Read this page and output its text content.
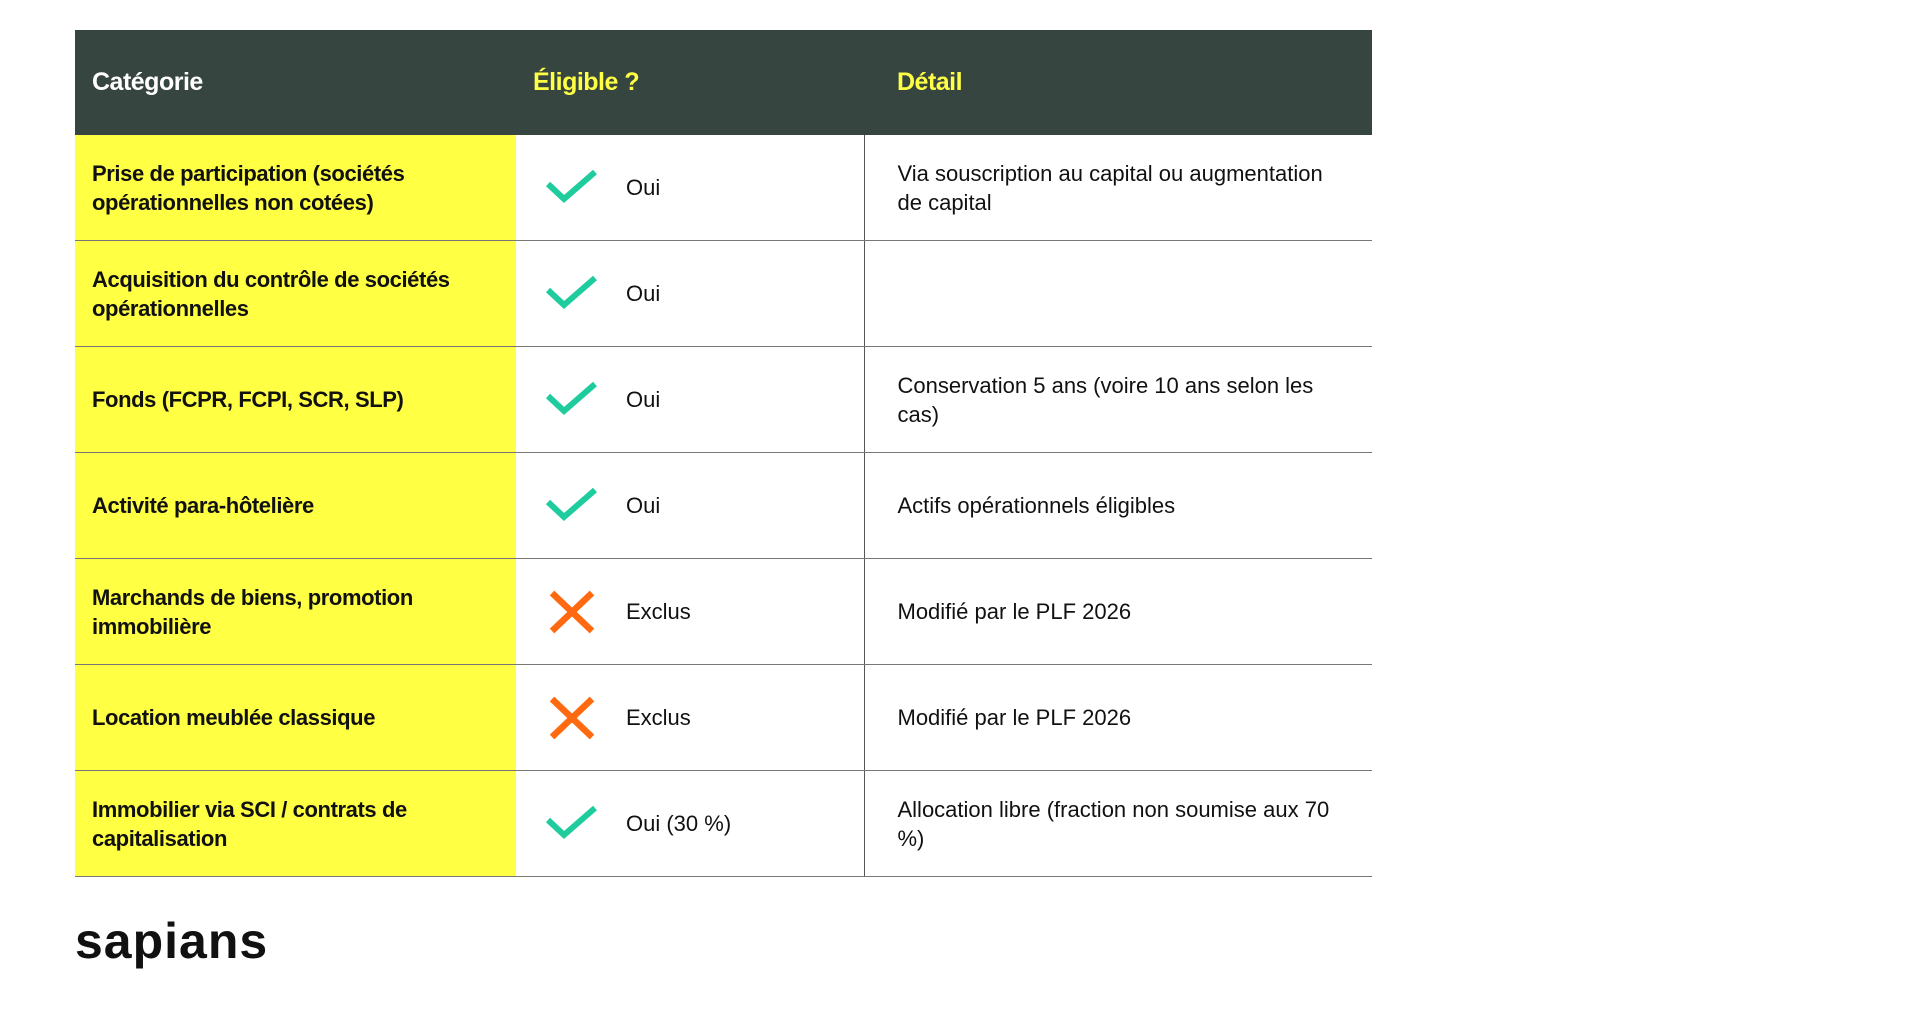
Catégorie	Éligible ?	Détail
Prise de participation (sociétés opérationnelles non cotées)	Oui	Via souscription au capital ou augmentation de capital
Acquisition du contrôle de sociétés opérationnelles	Oui	

Fonds (FCPR, FCPI, SCR, SLP)	Oui	Conservation 5 ans (voire 10 ans selon les cas)
Activité para-hôtelière	Oui	Actifs opérationnels éligibles
Marchands de biens, promotion immobilière	Exclus	Modifié par le PLF 2026
Location meublée classique	Exclus	Modifié par le PLF 2026
Immobilier via SCI / contrats de capitalisation	Oui (30 %)	Allocation libre (fraction non soumise aux 70 %)
sapians
